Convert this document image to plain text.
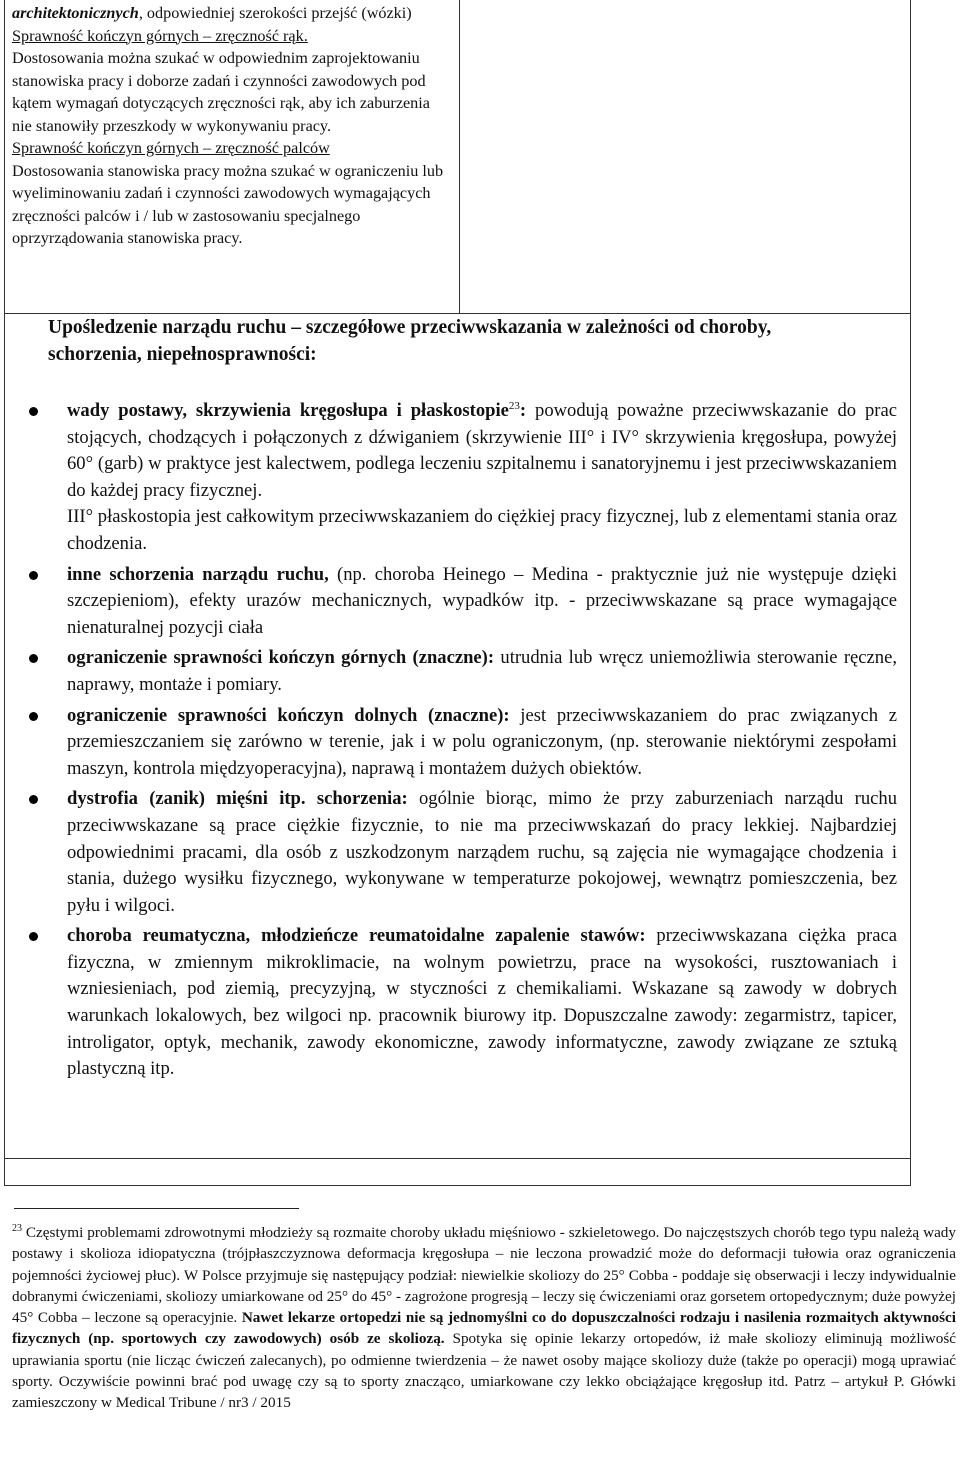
architektonicznych, odpowiedniej szerokości przejść (wózki)

Sprawność kończyn górnych – zręczność rąk.

Dostosowania można szukać w odpowiednim zaprojektowaniu stanowiska pracy i doborze zadań i czynności zawodowych pod kątem wymagań dotyczących zręczności rąk, aby ich zaburzenia nie stanowiły przeszkody w wykonywaniu pracy.

Sprawność kończyn górnych – zręczność palców

Dostosowania stanowiska pracy można szukać w ograniczeniu lub wyeliminowaniu zadań i czynności zawodowych wymagających zręczności palców i / lub w zastosowaniu specjalnego oprzyrządowania stanowiska pracy.

Upośledzenie narządu ruchu – szczegółowe przeciwwskazania w zależności od choroby, schorzenia, niepełnosprawności:

wady postawy, skrzywienia kręgosłupa i płaskostopie$^{23}$: powodują poważne przeciwwskazanie do prac stojących, chodzących i połączonych z dźwiganiem (skrzywienie III° i IV° skrzywienia kręgosłupa, powyżej 60° (garb) w praktyce jest kalectwem, podlega leczeniu szpitalnemu i sanatoryjnemu i jest przeciwwskazaniem do każdej pracy fizycznej.

III° płaskostopia jest całkowitym przeciwwskazaniem do ciężkiej pracy fizycznej, lub z elementami stania oraz chodzenia.

inne schorzenia narządu ruchu, (np. choroba Heinego – Medina - praktycznie już nie występuje dzięki szczepieniom), efekty urazów mechanicznych, wypadków itp. - przeciwwskazane są prace wymagające nienaturalnej pozycji ciała

ograniczenie sprawności kończyn górnych (znaczne): utrudnia lub wręcz uniemożliwia sterowanie ręczne, naprawy, montaże i pomiary.

ograniczenie sprawności kończyn dolnych (znaczne): jest przeciwwskazaniem do prac związanych z przemieszczaniem się zarówno w terenie, jak i w polu ograniczonym, (np. sterowanie niektórymi zespołami maszyn, kontrola międzyoperacyjna), naprawą i montażem dużych obiektów.

dystrofia (zanik) mięśni itp. schorzenia: ogólnie biorąc, mimo że przy zaburzeniach narządu ruchu przeciwwskazane są prace ciężkie fizycznie, to nie ma przeciwwskazań do pracy lekkiej. Najbardziej odpowiednimi pracami, dla osób z uszkodzonym narządem ruchu, są zajęcia nie wymagające chodzenia i stania, dużego wysiłku fizycznego, wykonywane w temperaturze pokojowej, wewnątrz pomieszczenia, bez pyłu i wilgoci.

choroba reumatyczna, młodzieńcze reumatoidalne zapalenie stawów: przeciwwskazana ciężka praca fizyczna, w zmiennym mikroklimacie, na wolnym powietrzu, prace na wysokości, rusztowaniach i wzniesieniach, pod ziemią, precyzyjną, w styczności z chemikaliami. Wskazane są zawody w dobrych warunkach lokalowych, bez wilgoci np. pracownik biurowy itp. Dopuszczalne zawody: zegarmistrz, tapicer, introligator, optyk, mechanik, zawody ekonomiczne, zawody informatyczne, zawody związane ze sztuką plastyczną itp.

$^{23}$ Częstymi problemami zdrowotnymi młodzieży są rozmaite choroby układu mięśniowo - szkieletowego. Do najczęstszych chorób tego typu należą wady postawy i skolioza idiopatyczna (trójpłaszczyznowa deformacja kręgosłupa – nie leczona prowadzić może do deformacji tułowia oraz ograniczenia pojemności życiowej płuc). W Polsce przyjmuje się następujący podział: niewielkie skoliozy do 25° Cobba - poddaje się obserwacji i leczy indywidualnie dobranymi ćwiczeniami, skoliozy umiarkowane od 25° do 45° - zagrożone progresją – leczy się ćwiczeniami oraz gorsetem ortopedycznym; duże powyżej 45° Cobba – leczone są operacyjnie. Nawet lekarze ortopedzi nie są jednomyślni co do dopuszczalności rodzaju i nasilenia rozmaitych aktywności fizycznych (np. sportowych czy zawodowych) osób ze skoliozą. Spotyka się opinie lekarzy ortopedów, iż małe skoliozy eliminują możliwość uprawiania sportu (nie licząc ćwiczeń zalecanych), po odmienne twierdzenia – że nawet osoby mające skoliozy duże (także po operacji) mogą uprawiać sporty. Oczywiście powinni brać pod uwagę czy są to sporty znacząco, umiarkowane czy lekko obciążające kręgosłup itd. Patrz – artykuł P. Główki zamieszczony w Medical Tribune / nr3 / 2015
